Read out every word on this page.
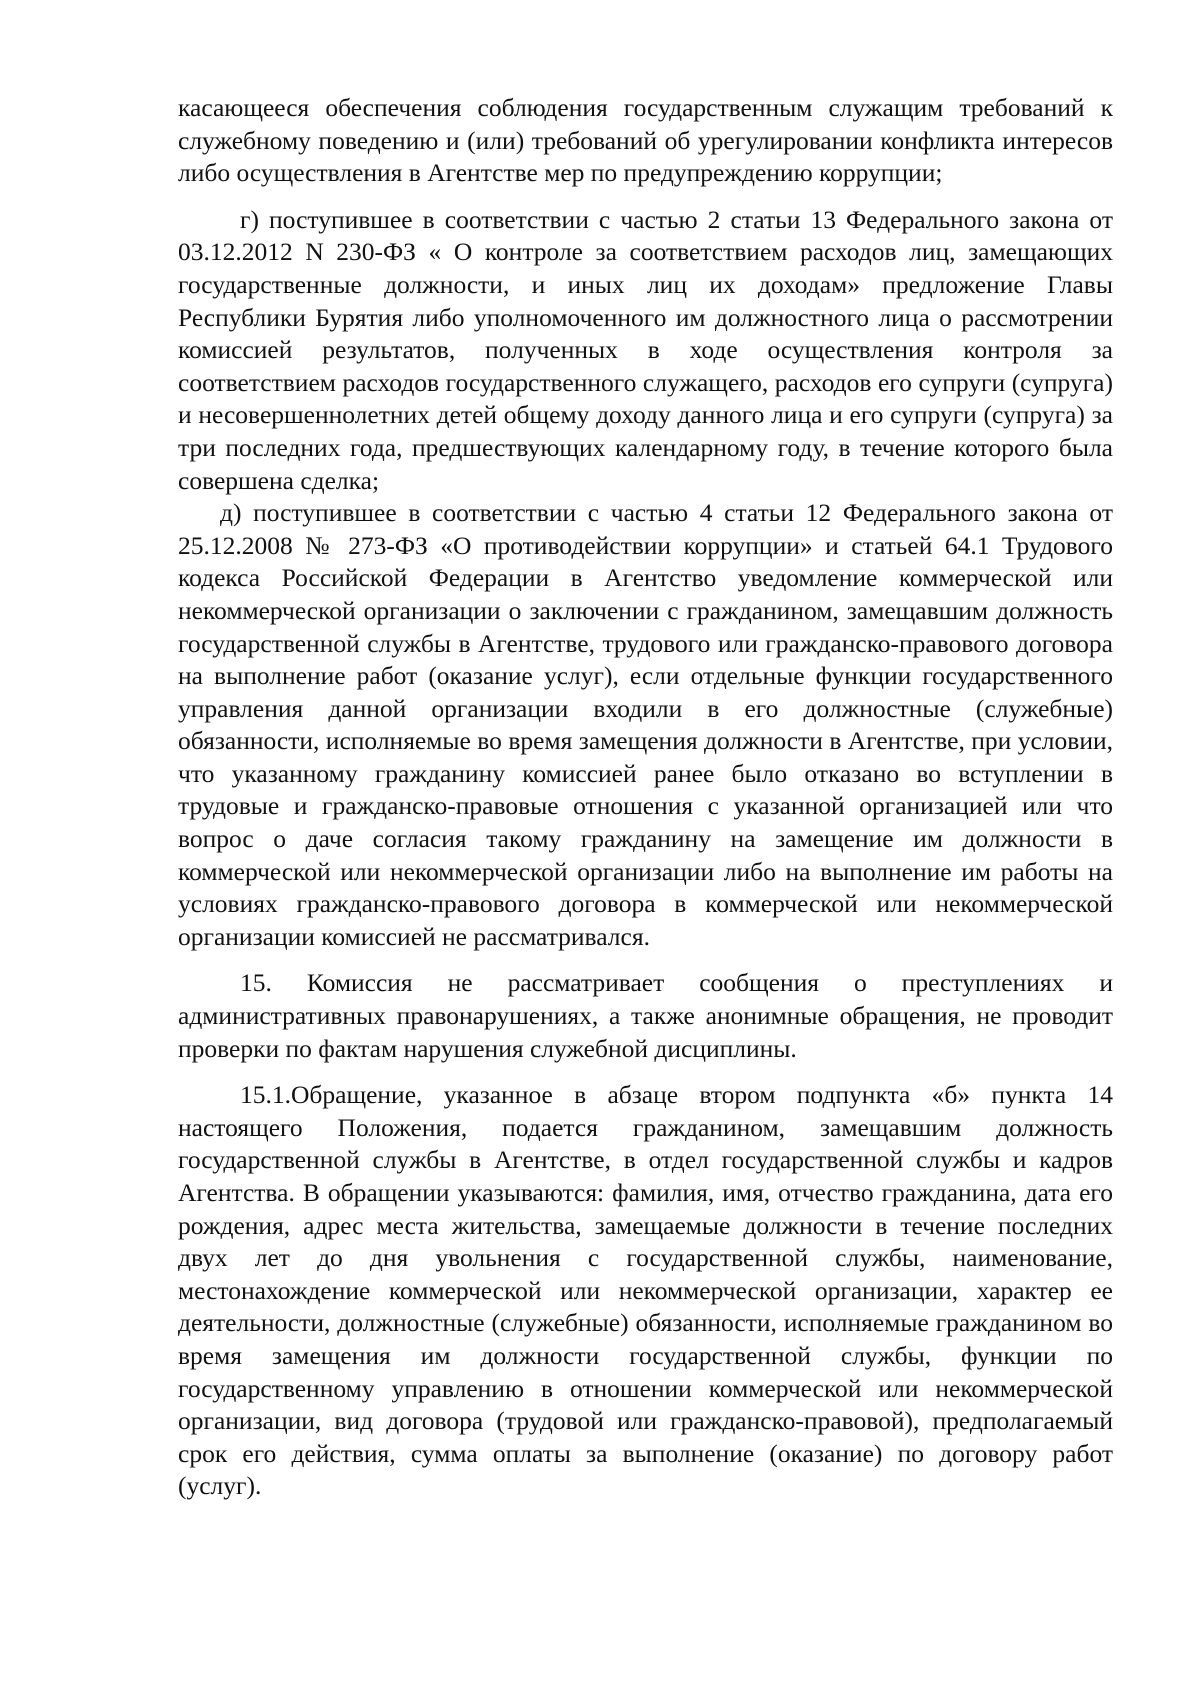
касающееся обеспечения соблюдения государственным служащим требований к служебному поведению и (или) требований об урегулировании конфликта интересов либо осуществления в Агентстве мер по предупреждению коррупции;

г) поступившее в соответствии с частью 2 статьи 13 Федерального закона от 03.12.2012 N 230-ФЗ « О контроле за соответствием расходов лиц, замещающих государственные должности, и иных лиц их доходам» предложение Главы Республики Бурятия либо уполномоченного им должностного лица о рассмотрении комиссией результатов, полученных в ходе осуществления контроля за соответствием расходов государственного служащего, расходов его супруги (супруга) и несовершеннолетних детей общему доходу данного лица и его супруги (супруга) за три последних года, предшествующих календарному году, в течение которого была совершена сделка;

д) поступившее в соответствии с частью 4 статьи 12 Федерального закона от 25.12.2008 № 273-ФЗ «О противодействии коррупции» и статьей 64.1 Трудового кодекса Российской Федерации в Агентство уведомление коммерческой или некоммерческой организации о заключении с гражданином, замещавшим должность государственной службы в Агентстве, трудового или гражданско-правового договора на выполнение работ (оказание услуг), если отдельные функции государственного управления данной организации входили в его должностные (служебные) обязанности, исполняемые во время замещения должности в Агентстве, при условии, что указанному гражданину комиссией ранее было отказано во вступлении в трудовые и гражданско-правовые отношения с указанной организацией или что вопрос о даче согласия такому гражданину на замещение им должности в коммерческой или некоммерческой организации либо на выполнение им работы на условиях гражданско-правового договора в коммерческой или некоммерческой организации комиссией не рассматривался.

15. Комиссия не рассматривает сообщения о преступлениях и административных правонарушениях, а также анонимные обращения, не проводит проверки по фактам нарушения служебной дисциплины.

15.1.Обращение, указанное в абзаце втором подпункта «б» пункта 14 настоящего Положения, подается гражданином, замещавшим должность государственной службы в Агентстве, в отдел государственной службы и кадров Агентства. В обращении указываются: фамилия, имя, отчество гражданина, дата его рождения, адрес места жительства, замещаемые должности в течение последних двух лет до дня увольнения с государственной службы, наименование, местонахождение коммерческой или некоммерческой организации, характер ее деятельности, должностные (служебные) обязанности, исполняемые гражданином во время замещения им должности государственной службы, функции по государственному управлению в отношении коммерческой или некоммерческой организации, вид договора (трудовой или гражданско-правовой), предполагаемый срок его действия, сумма оплаты за выполнение (оказание) по договору работ (услуг).
